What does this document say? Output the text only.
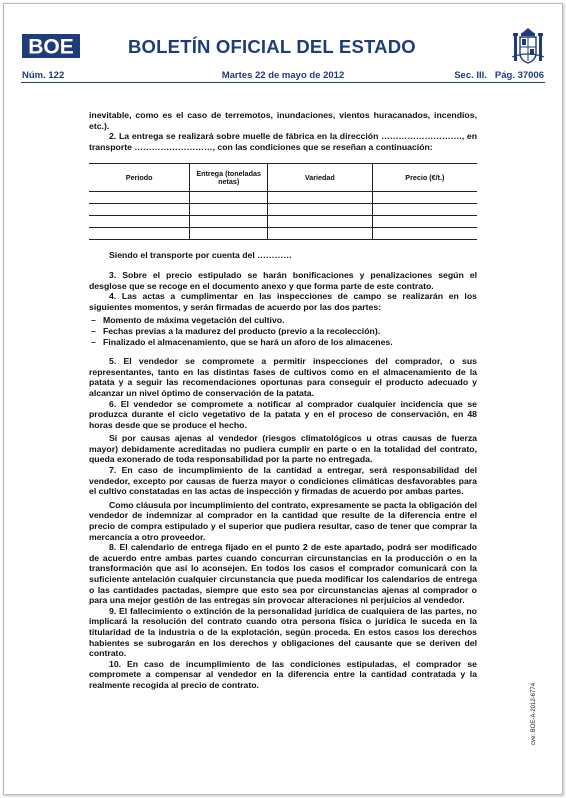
BOE	BOLETÍN OFICIAL DEL ESTADO
Núm. 122	Martes 22 de mayo de 2012	Sec. III. Pág. 37006

inevitable, como es el caso de terremotos, inundaciones, vientos huracanados, incendios, etc.).

2. La entrega se realizará sobre muelle de fábrica en la dirección ………………………., en transporte ………………………, con las condiciones que se reseñan a continuación:

Periodo	Entrega (toneladas netas)	Variedad	Precio (€/t.)

Siendo el transporte por cuenta del …………

3. Sobre el precio estipulado se harán bonificaciones y penalizaciones según el desglose que se recoge en el documento anexo y que forma parte de este contrato.

4. Las actas a cumplimentar en las inspecciones de campo se realizarán en los siguientes momentos, y serán firmadas de acuerdo por las dos partes:

– Momento de máxima vegetación del cultivo.
– Fechas previas a la madurez del producto (previo a la recolección).
– Finalizado el almacenamiento, que se hará un aforo de los almacenes.

5. El vendedor se compromete a permitir inspecciones del comprador, o sus representantes, tanto en las distintas fases de cultivos como en el almacenamiento de la patata y a seguir las recomendaciones oportunas para conseguir el producto adecuado y alcanzar un nivel óptimo de conservación de la patata.

6. El vendedor se compromete a notificar al comprador cualquier incidencia que se produzca durante el ciclo vegetativo de la patata y en el proceso de conservación, en 48 horas desde que se produce el hecho.

Si por causas ajenas al vendedor (riesgos climatológicos u otras causas de fuerza mayor) debidamente acreditadas no pudiera cumplir en parte o en la totalidad del contrato, queda exonerado de toda responsabilidad por la parte no entregada.

7. En caso de incumplimiento de la cantidad a entregar, será responsabilidad del vendedor, excepto por causas de fuerza mayor o condiciones climáticas desfavorables para el cultivo constatadas en las actas de inspección y firmadas de acuerdo por ambas partes.

Como cláusula por incumplimiento del contrato, expresamente se pacta la obligación del vendedor de indemnizar al comprador en la cantidad que resulte de la diferencia entre el precio de compra estipulado y el superior que pudiera resultar, caso de tener que comprar la mercancía a otro proveedor.

8. El calendario de entrega fijado en el punto 2 de este apartado, podrá ser modificado de acuerdo entre ambas partes cuando concurran circunstancias en la producción o en la transformación que así lo aconsejen. En todos los casos el comprador comunicará con la suficiente antelación cualquier circunstancia que pueda modificar los calendarios de entrega o las cantidades pactadas, siempre que esto sea por circunstancias ajenas al comprador o para una mejor gestión de las entregas sin provocar alteraciones ni perjuicios al vendedor.

9. El fallecimiento o extinción de la personalidad jurídica de cualquiera de las partes, no implicará la resolución del contrato cuando otra persona física o jurídica le suceda en la titularidad de la industria o de la explotación, según proceda. En estos casos los derechos habientes se subrogarán en los derechos y obligaciones del causante que se deriven del contrato.

10. En caso de incumplimiento de las condiciones estipuladas, el comprador se compromete a compensar al vendedor en la diferencia entre la cantidad contratada y la realmente recogida al precio de contrato.	cve: BOE-A-2012-6774
